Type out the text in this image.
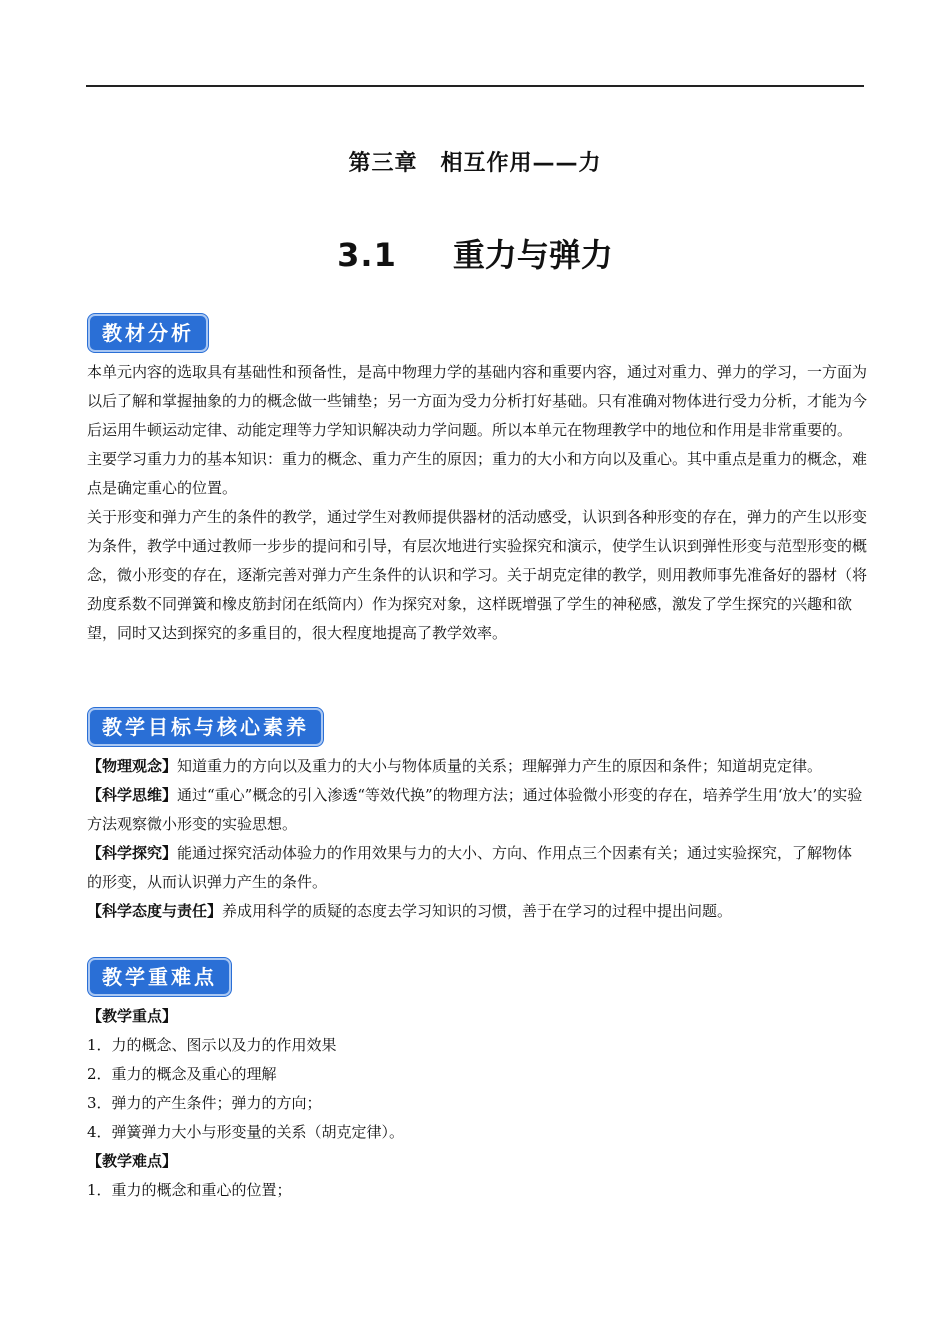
第三章　相互作用——力
3.1 重力与弹力
教材分析

本单元内容的选取具有基础性和预备性，是高中物理力学的基础内容和重要内容，通过对重力、弹力的学习，一方面为以后了解和掌握抽象的力的概念做一些铺垫；另一方面为受力分析打好基础。只有准确对物体进行受力分析，才能为今后运用牛顿运动定律、动能定理等力学知识解决动力学问题。所以本单元在物理教学中的地位和作用是非常重要的。

主要学习重力力的基本知识：重力的概念、重力产生的原因；重力的大小和方向以及重心。其中重点是重力的概念，难点是确定重心的位置。

关于形变和弹力产生的条件的教学，通过学生对教师提供器材的活动感受，认识到各种形变的存在，弹力的产生以形变为条件，教学中通过教师一步步的提问和引导，有层次地进行实验探究和演示，使学生认识到弹性形变与范型形变的概念，微小形变的存在，逐渐完善对弹力产生条件的认识和学习。关于胡克定律的教学，则用教师事先准备好的器材（将劲度系数不同弹簧和橡皮筋封闭在纸筒内）作为探究对象，这样既增强了学生的神秘感，激发了学生探究的兴趣和欲望，同时又达到探究的多重目的，很大程度地提高了教学效率。

教学目标与核心素养

【物理观念】知道重力的方向以及重力的大小与物体质量的关系；理解弹力产生的原因和条件；知道胡克定律。

【科学思维】通过“重心”概念的引入渗透“等效代换”的物理方法；通过体验微小形变的存在，培养学生用‘放大’的实验方法观察微小形变的实验思想。

【科学探究】能通过探究活动体验力的作用效果与力的大小、方向、作用点三个因素有关；通过实验探究，了解物体的形变，从而认识弹力产生的条件。

【科学态度与责任】养成用科学的质疑的态度去学习知识的习惯，善于在学习的过程中提出问题。

教学重难点

【教学重点】

1．力的概念、图示以及力的作用效果

2．重力的概念及重心的理解

3．弹力的产生条件；弹力的方向；

4．弹簧弹力大小与形变量的关系（胡克定律）。

【教学难点】

1．重力的概念和重心的位置；
